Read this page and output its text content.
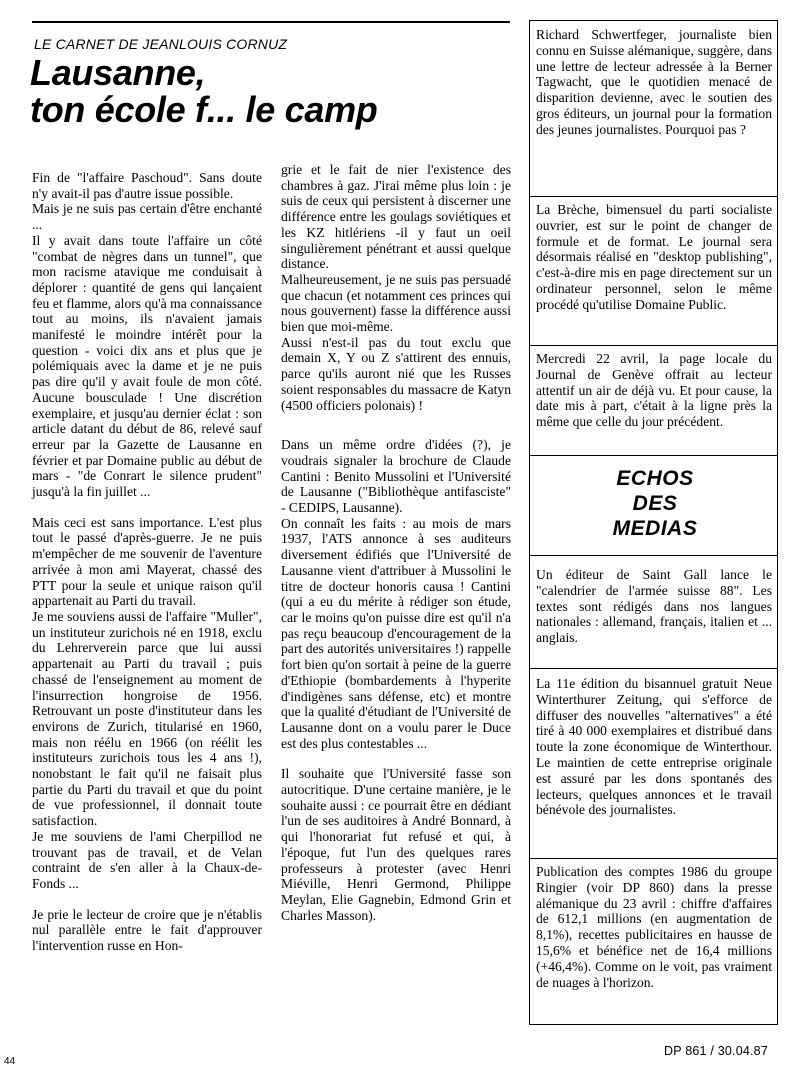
LE CARNET DE JEANLOUIS CORNUZ
Lausanne,
ton école f... le camp

Fin de "l'affaire Paschoud". Sans doute n'y avait-il pas d'autre issue possible.

Mais je ne suis pas certain d'être enchanté ...

Il y avait dans toute l'affaire un côté "combat de nègres dans un tunnel", que mon racisme atavique me conduisait à déplorer : quantité de gens qui lançaient feu et flamme, alors qu'à ma connaissance tout au moins, ils n'avaient jamais manifesté le moindre intérêt pour la question - voici dix ans et plus que je polémiquais avec la dame et je ne puis pas dire qu'il y avait foule de mon côté. Aucune bousculade ! Une discrétion exemplaire, et jusqu'au dernier éclat : son article datant du début de 86, relevé sauf erreur par la Gazette de Lausanne en février et par Domaine public au début de mars - "de Conrart le silence prudent" jusqu'à la fin juillet ...

Mais ceci est sans importance. L'est plus tout le passé d'après-guerre. Je ne puis m'empêcher de me souvenir de l'aventure arrivée à mon ami Mayerat, chassé des PTT pour la seule et unique raison qu'il appartenait au Parti du travail.

Je me souviens aussi de l'affaire "Muller", un instituteur zurichois né en 1918, exclu du Lehrerverein parce que lui aussi appartenait au Parti du travail ; puis chassé de l'enseignement au moment de l'insurrection hongroise de 1956. Retrouvant un poste d'instituteur dans les environs de Zurich, titularisé en 1960, mais non réélu en 1966 (on réélit les instituteurs zurichois tous les 4 ans !), nonobstant le fait qu'il ne faisait plus partie du Parti du travail et que du point de vue professionnel, il donnait toute satisfaction.

Je me souviens de l'ami Cherpillod ne trouvant pas de travail, et de Velan contraint de s'en aller à la Chaux-de-Fonds ...

Je prie le lecteur de croire que je n'établis nul parallèle entre le fait d'approuver l'intervention russe en Hon-

grie et le fait de nier l'existence des chambres à gaz. J'irai même plus loin : je suis de ceux qui persistent à discerner une différence entre les goulags soviétiques et les KZ hitlériens -il y faut un oeil singulièrement pénétrant et aussi quelque distance.

Malheureusement, je ne suis pas persuadé que chacun (et notamment ces princes qui nous gouvernent) fasse la différence aussi bien que moi-même.

Aussi n'est-il pas du tout exclu que demain X, Y ou Z s'attirent des ennuis, parce qu'ils auront nié que les Russes soient responsables du massacre de Katyn (4500 officiers polonais) !

Dans un même ordre d'idées (?), je voudrais signaler la brochure de Claude Cantini : Benito Mussolini et l'Université de Lausanne ("Bibliothèque antifasciste" - CEDIPS, Lausanne).

On connaît les faits : au mois de mars 1937, l'ATS annonce à ses auditeurs diversement édifiés que l'Université de Lausanne vient d'attribuer à Mussolini le titre de docteur honoris causa ! Cantini (qui a eu du mérite à rédiger son étude, car le moins qu'on puisse dire est qu'il n'a pas reçu beaucoup d'encouragement de la part des autorités universitaires !) rappelle fort bien qu'on sortait à peine de la guerre d'Ethiopie (bombardements à l'hyperite d'indigènes sans défense, etc) et montre que la qualité d'étudiant de l'Université de Lausanne dont on a voulu parer le Duce est des plus contestables ...

Il souhaite que l'Université fasse son autocritique. D'une certaine manière, je le souhaite aussi : ce pourrait être en dédiant l'un de ses auditoires à André Bonnard, à qui l'honorariat fut refusé et qui, à l'époque, fut l'un des quelques rares professeurs à protester (avec Henri Miéville, Henri Germond, Philippe Meylan, Elie Gagnebin, Edmond Grin et Charles Masson).

Richard Schwertfeger, journaliste bien connu en Suisse alémanique, suggère, dans une lettre de lecteur adressée à la Berner Tagwacht, que le quotidien menacé de disparition devienne, avec le soutien des gros éditeurs, un journal pour la formation des jeunes journalistes. Pourquoi pas ?

La Brèche, bimensuel du parti socialiste ouvrier, est sur le point de changer de formule et de format. Le journal sera désormais réalisé en "desktop publishing", c'est-à-dire mis en page directement sur un ordinateur personnel, selon le même procédé qu'utilise Domaine Public.

Mercredi 22 avril, la page locale du Journal de Genève offrait au lecteur attentif un air de déjà vu. Et pour cause, la date mis à part, c'était à la ligne près la même que celle du jour précédent.

ECHOS
DES
MEDIAS

Un éditeur de Saint Gall lance le "calendrier de l'armée suisse 88". Les textes sont rédigés dans nos langues nationales : allemand, français, italien et ... anglais.

La 11e édition du bisannuel gratuit Neue Winterthurer Zeitung, qui s'efforce de diffuser des nouvelles "alternatives" a été tiré à 40 000 exemplaires et distribué dans toute la zone économique de Winterthour. Le maintien de cette entreprise originale est assuré par les dons spontanés des lecteurs, quelques annonces et le travail bénévole des journalistes.

Publication des comptes 1986 du groupe Ringier (voir DP 860) dans la presse alémanique du 23 avril : chiffre d'affaires de 612,1 millions (en augmentation de 8,1%), recettes publicitaires en hausse de 15,6% et bénéfice net de 16,4 millions (+46,4%). Comme on le voit, pas vraiment de nuages à l'horizon.

DP 861 / 30.04.87
44
